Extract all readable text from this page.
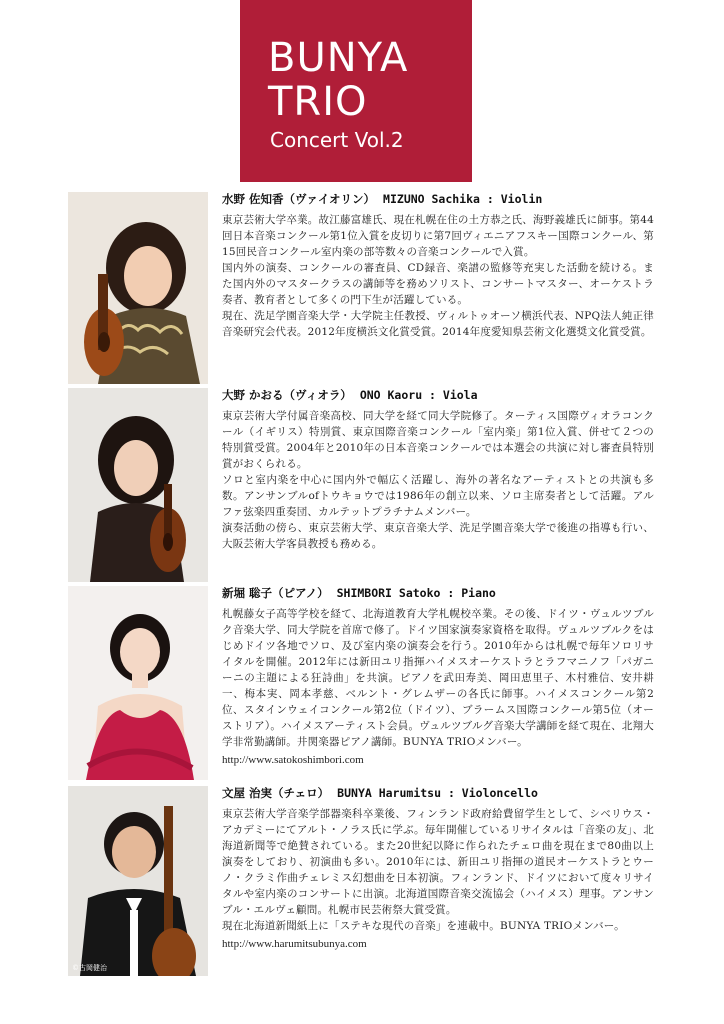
BUNYA
TRIO
Concert Vol.2
水野 佐知香（ヴァイオリン） MIZUNO Sachika : Violin

東京芸術大学卒業。故江藤富雄氏、現在札幌在住の土方恭之氏、海野義雄氏に師事。第44回日本音楽コンクール第1位入賞を皮切りに第7回ヴィエニアフスキー国際コンクール、第15回民音コンクール室内楽の部等数々の音楽コンクールで入賞。

国内外の演奏、コンクールの審査員、CD録音、楽譜の監修等充実した活動を続ける。また国内外のマスタークラスの講師等を務めソリスト、コンサートマスター、オーケストラ奏者、教育者として多くの門下生が活躍している。

現在、洗足学園音楽大学・大学院主任教授、ヴィルトゥオーソ横浜代表、NPQ法人純正律音楽研究会代表。2012年度横浜文化賞受賞。2014年度愛知県芸術文化選奨文化賞受賞。

大野 かおる（ヴィオラ） ONO Kaoru : Viola

東京芸術大学付属音楽高校、同大学を経て同大学院修了。ターティス国際ヴィオラコンクール（イギリス）特別賞、東京国際音楽コンクール「室内楽」第1位入賞、併せて２つの特別賞受賞。2004年と2010年の日本音楽コンクールでは本選会の共演に対し審査員特別賞がおくられる。

ソロと室内楽を中心に国内外で幅広く活躍し、海外の著名なアーティストとの共演も多数。アンサンブルofトウキョウでは1986年の創立以来、ソロ主席奏者として活躍。アルファ弦楽四重奏団、カルテットプラチナムメンバー。

演奏活動の傍ら、東京芸術大学、東京音楽大学、洗足学園音楽大学で後進の指導も行い、大阪芸術大学客員教授も務める。

新堀 聡子（ピアノ） SHIMBORI Satoko : Piano

札幌藤女子高等学校を経て、北海道教育大学札幌校卒業。その後、ドイツ・ヴュルツブルク音楽大学、同大学院を首席で修了。ドイツ国家演奏家資格を取得。ヴュルツブルクをはじめドイツ各地でソロ、及び室内楽の演奏会を行う。2010年からは札幌で毎年ソロリサイタルを開催。2012年には新田ユリ指揮ハイメスオーケストラとラフマニノフ「パガニーニの主題による狂詩曲」を共演。ピアノを武田寿美、岡田恵里子、木村雅信、安井耕一、梅本実、岡本孝慈、ベルント・グレムザーの各氏に師事。ハイメスコンクール第2位、スタインウェイコンクール第2位（ドイツ）、ブラームス国際コンクール第5位（オーストリア）。ハイメスアーティスト会員。ヴュルツブルグ音楽大学講師を経て現在、北翔大学非常勤講師。井関楽器ピアノ講師。BUNYA TRIOメンバー。

http://www.satokoshimbori.com
©古岡健治
文屋 治実（チェロ） BUNYA Harumitsu : Violoncello

東京芸術大学音楽学部器楽科卒業後、フィンランド政府給費留学生として、シベリウス・アカデミーにてアルト・ノラス氏に学ぶ。毎年開催しているリサイタルは「音楽の友」、北海道新聞等で絶賛されている。また20世紀以降に作られたチェロ曲を現在まで80曲以上演奏をしており、初演曲も多い。2010年には、新田ユリ指揮の道民オーケストラとウーノ・クラミ作曲チェレミス幻想曲を日本初演。フィンランド、ドイツにおいて度々リサイタルや室内楽のコンサートに出演。北海道国際音楽交流協会（ハイメス）理事。アンサンブル・エルヴェ顧問。札幌市民芸術祭大賞受賞。

現在北海道新聞紙上に「ステキな現代の音楽」を連載中。BUNYA TRIOメンバー。

http://www.harumitsubunya.com
